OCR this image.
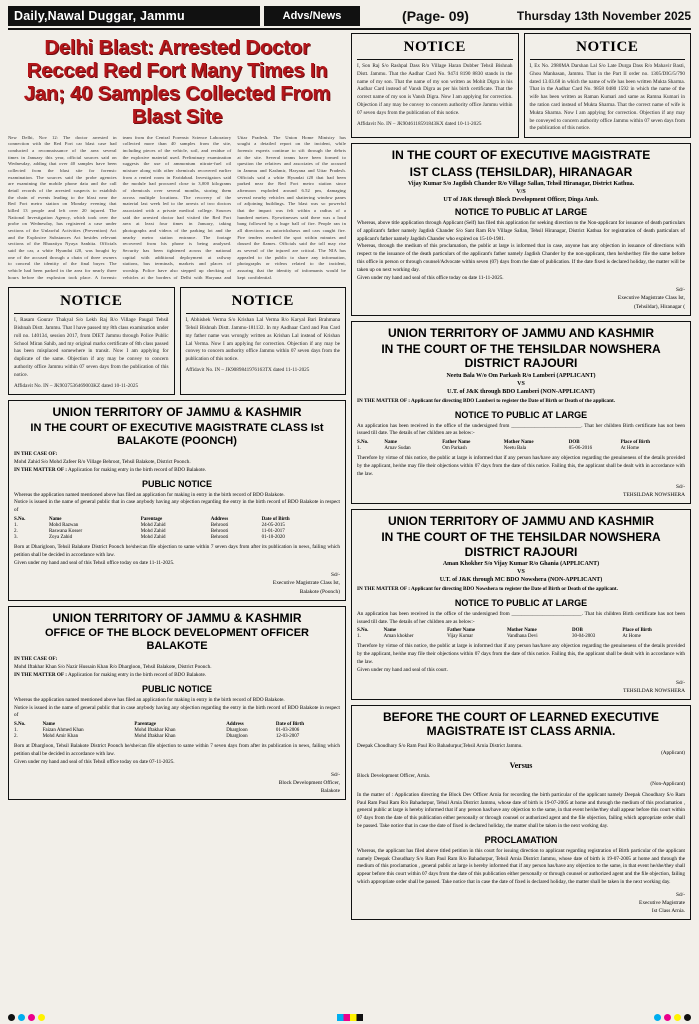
Daily,Nawal Duggar, Jammu	Advs/News	(Page- 09)	Thursday 13th November 2025
Delhi Blast: Arrested Doctor Recced Red Fort Many Times In Jan; 40 Samples Collected From Blast Site
New Delhi, Nov 12: The doctor arrested in connection with the Red Fort car blast case had conducted a reconnaissance of the area several times in January this year, official sources said on Wednesday, adding that over 40 samples have been collected from the blast site for forensic examination. The sources said the probe agencies are examining the mobile phone data and the call detail records of the arrested suspects to establish the chain of events leading to the blast near the Red Fort metro station on Monday evening that killed 13 people and left over 20 injured. The National Investigation Agency, which took over the probe on Wednesday, has registered a case under sections of the Unlawful Activities (Prevention) Act and the Explosive Substances Act besides relevant sections of the Bharatiya Nyaya Sanhita. Officials said the car, a white Hyundai i20, was bought by one of the accused through a chain of three owners to conceal the identity of the final buyer. The vehicle had been parked in the area for nearly three hours before the explosion took place. A forensic team from the Central Forensic Science Laboratory collected more than 40 samples from the site, including pieces of the vehicle, soil, and residue of the explosive material used. Preliminary examination suggests the use of ammonium nitrate-fuel oil mixture along with other chemicals recovered earlier from a rented room in Faridabad. Investigators said the module had procured close to 3,000 kilograms of chemicals over several months, storing them across multiple locations. The recovery of the material last week led to the arrests of two doctors associated with a private medical college. Sources said the arrested doctor had visited the Red Fort area at least four times in January, taking photographs and videos of the parking lot and the nearby metro station entrance. The footage recovered from his phone is being analysed. Security has been tightened across the national capital with additional deployment at railway stations, bus terminals, markets and places of worship. Police have also stepped up checking of vehicles at the borders of Delhi with Haryana and Uttar Pradesh. The Union Home Ministry has sought a detailed report on the incident, while forensic experts continue to sift through the debris at the site. Several teams have been formed to question the relatives and associates of the accused in Jammu and Kashmir, Haryana and Uttar Pradesh. Officials said a white Hyundai i20 that had been parked near the Red Fort metro station since afternoon exploded around 6.52 pm, damaging several nearby vehicles and shattering window panes of adjoining buildings. The blast was so powerful that the impact was felt within a radius of a hundred metres. Eyewitnesses said there was a loud bang followed by a huge ball of fire. People ran in all directions as autorickshaws and cars caught fire. Fire tenders reached the spot within minutes and doused the flames. Officials said the toll may rise as several of the injured are critical. The NIA has appealed to the public to share any information, photographs or videos related to the incident, assuring that the identity of informants would be kept confidential.
NOTICE
I, Rasam Gourav Thakyal S/o Lekh Raj R/o Village Paugal Tehsil Bishnah Distt. Jammu. That I have passed my 8th class examination under roll no. 140134, session 2017, from DIET Jammu through Police Public School Miran Sahib, and my original marks certificate of 8th class passed has been misplaced somewhere in transit. Now I am applying for duplicate of the same. Objection if any may be convey to concern authority office Jammu within 07 seven days from the publication of this notice.
Affidavit No. IN – JK9037536469003KZ dated 10-11-2025
NOTICE
I, Abhishek Verma S/o Krishan Lal Verma R/o Karyal Bari Brahmana Tehsil Bishnah Distt. Jammu-181132. In my Aadhaar Card and Pan Card my father name was wrongly written as Krishan Lal instead of Krishan Lal Verma. Now I am applying for correction. Objection if any may be convey to concern authority office Jammu within 07 seven days from the publication of this notice.
Affidavit No. IN – JK9089841976163TX dated 11-11-2025
UNION TERRITORY OF JAMMU & KASHMIR
IN THE COURT OF EXECUTIVE MAGISTRATE CLASS Ist BALAKOTE (POONCH)
IN THE CASE OF:
Mohd Zahid S/o Mohd Zafeer R/o Village Behroot, Tehsil Balakote, District Poonch.
IN THE MATTER OF : Application for making entry in the birth record of BDO Balakote.
PUBLIC NOTICE
Whereas the application named mentioned above has filed an application for making in entry in the birth record of BDO Balakote.
Notice is issued in the name of general public that in case anybody having any objection regarding the entry in the birth record of BDO Balakote in respect of
S.No.	Name	Parentage	Address	Date of Birth
1.	Mohd Razwan	Mohd Zahid	Behrooti	24-05-2015
2.	Raswana Kosser	Mohd Zahid	Behrooti	11-01-2017
3.	Zoya Zahid	Mohd Zahid	Behrooti	01-10-2020
Born at Dharigloon, Tehsil Balakote District Poonch he/she/can file objection to same within 7 seven days from after its publication in news, failing which petition shall be decided in accordance with law.
Given under my hand and seal of this Tehsil office today on date 11-11-2025.
Sd/-
Executive Magistrate Class Ist,
Balakote (Poonch)
UNION TERRITORY OF JAMMU & KASHMIR
OFFICE OF THE BLOCK DEVELOPMENT OFFICER BALAKOTE
IN THE CASE OF:
Mohd Iftakhar Khan S/o Nazir Hussain Khan R/o Dhargloon, Tehsil Balakote, District Poonch.
IN THE MATTER OF : Application for making entry in the birth record of BDO Balakote.
PUBLIC NOTICE
Whereas the application named mentioned above has filed an application for making in entry in the birth record of BDO Balakote.
Notice is issued in the name of general public that in case anybody having any objection regarding the entry in the birth record of BDO Balakote in respect of
S.No.	Name	Parentage	Address	Date of Birth
1.	Faizan Ahmed Khan	Mohd Iftakhar Khan	Dhargloon	01-03-2006
2.	Mohd Amir Khan	Mohd Iftakhar Khan	Dhargloon	12-03-2007
Born at Dhargloon, Tehsil Balakote District Poonch he/she/can file objection to same within 7 seven days from after its publication in news, failing which petition shall be decided in accordance with law.
Given under my hand and seal of this Tehsil office today on date 07-11-2025.
Sd/-
Block Development Officer,
Balakote
NOTICE
I, Son Raj S/o Rashpal Dass R/o Village Haran Dubber Tehsil Bishnah Distt. Jammu. That the Aadhar Card No. 9474 8190 8830 stands in the name of my son. That the name of my son written as Mohit Digra in his Aadhar Card instead of Vansh Digra as per his birth certificate. That the correct name of my son is Vansh Digra. Now I am applying for correction. Objection if any may be convey to concern authority office Jammu within 07 seven days from the publication of this notice.
Affidavit No. IN – JK9046118591843KX dated 10-11-2025
NOTICE
I, Ex No. 2980MA Darshan Lal S/o Late Durga Dass R/o Mahavir Basti, Ghou Manhasan, Jammu. That in the Part II order no. 1305/DIG/5/790 dated 13.03.68 in which the name of wife has been written Mukta Sharma. That in the Aadhar Card No. 9858 0480 1592 in which the name of the wife has been written as Raman Kumari and same as Ramna Kumari in the ration card instead of Mukta Sharma. That the correct name of wife is Mukta Sharma. Now I am applying for correction. Objection if any may be conveyed to concern authority office Jammu within 07 seven days from the publication of this notice.
IN THE COURT OF EXECUTIVE MAGISTRATE
IST CLASS (TEHSILDAR), HIRANAGAR
Vijay Kumar S/o Jagdish Chander R/o Village Sallan, Tehsil Hiranagar, District Kathua.
V/S
UT of J&K through Block Development Officer, Dinga Amb.
NOTICE TO PUBLIC AT LARGE
Whereas, above title application through Applicant (Self) has filed this application for seeking direction to the Non-applicant for issuance of death particulars of applicant's father namely Jagdish Chander S/o Sant Ram R/o Village Sallan, Tehsil Hiranagar, District Kathua for registration of death particulars of applicant's father namely Jagdish Chander who expired on 15-10-1981.
Whereas, through the medium of this proclamation, the public at large is informed that in case, anyone has any objection in issuance of directions with respect to the issuance of the death particulars of the applicant's father namely Jagdish Chander by the non-applicant, then he/she/they file the same before this office in person or through counsel/Advocate within seven (07) days from the date of publication. If the date fixed is declared holiday, the matter will be taken up on next working day.
Given under my hand and seal of this office today on date 11-11-2025.
Sd/-
Executive Magistrate Class Ist,
(Tehsildar), Hiranagar (
UNION TERRITORY OF JAMMU AND KASHMIR
IN THE COURT OF THE TEHSILDAR NOWSHERA DISTRICT RAJOURI
Neetu Bala W/o Om Parkash R/o Lamberi (APPLICANT)
VS
U.T. of J&K through BDO Lamberi (NON-APPLICANT)
IN THE MATTER OF : Applicant for directing BDO Lamberi to register the Date of Birth or Death of the applicant.
NOTICE TO PUBLIC AT LARGE
An application has been received in the office of the undersigned from ___________________________. That her children Birth certificate has not been issued till date. The details of her children are as below:-
S.No.	Name	Father Name	Mother Name	DOB	Place of Birth
1.	Arnav Sudan	Om Parkash	Neetu Bala	05-06-2016	At Home
Therefore by virtue of this notice, the public at large is informed that if any person has/have any objection regarding the genuineness of the details provided by the applicant, he/she may file their objections within 07 days from the date of this notice. Failing this, the applicant shall be dealt with in accordance with the law.
Sd/-
TEHSILDAR NOWSHERA
UNION TERRITORY OF JAMMU AND KASHMIR
IN THE COURT OF THE TEHSILDAR NOWSHERA DISTRICT RAJOURI
Aman Khokher S/o Vijay Kumar R/o Ghania (APPLICANT)
VS
U.T. of J&K through MC BDO Nowshera (NON-APPLICANT)
IN THE MATTER OF : Applicant for directing BDO Nowshera to register the Date of Birth or Death of the applicant.
NOTICE TO PUBLIC AT LARGE
An application has been received in the office of the undersigned from ___________________________. That his children Birth certificate has not been issued till date. The details of her children are as below:-
S.No.	Name	Father Name	Mother Name	DOB	Place of Birth
1.	Aman khokher	Vijay Kumar	Vandhana Devi	30-04-2003	At Home
Therefore by virtue of this notice, the public at large is informed that if any person has/have any objection regarding the genuineness of the details provided by the applicant, he/she may file their objections within 07 days from the date of this notice. Failing this, the applicant shall be dealt with in accordance with the law.
Given under my hand and seal of this court.
Sd/-
TEHSILDAR NOWSHERA
BEFORE THE COURT OF LEARNED EXECUTIVE MAGISTRATE IST CLASS ARNIA.
Deepak Choudhary S/o Ram Paul R/o Bahadurpur,Tehsil Arnia District Jammu.
(Applicant)
Versus
Block Development Officer, Arnia.
(Non-Applicant)
In the matter of : Application directing the Block Dev Officer Arnia for recording the birth particular of the applicant namely Deepak Choudhary S/o Ram Paul Ram Paul Ram R/o Bahadurpur, Tehsil Arnia District Jammu, whose date of birth is 19-07-2005 at home and through the medium of this proclamation , general public at large is hereby informed that if any person has/have any objection to the same, in that event he/she/they shall appear before this court within 07 days from the date of this publication either personally or through counsel or authorized agent and the file objection, failing which appropriate order shall be passed. Take notice that in case the date of fixed is declared holiday, the matter shall be taken in the next working day.
PROCLAMATION
Whereas, the applicant has filed above titled petition in this court for issuing direction to applicant regarding registration of Birth particular of the applicant namely Deepak Choudhary S/o Ram Paul Ram R/o Bahadurpur, Tehsil Arnia District Jammu, whose date of birth is 19-07-2005 at home and through the medium of this proclamation , general public at large is hereby informed that if any person has/have any objection to the same, in that event he/she/they shall appear before this court within 07 days from the date of this publication either personally or through counsel or authorized agent and the file objection, failing which appropriate order shall be passed. Take notice that in case the date of fixed is declared holiday, the matter shall be taken in the next working day.
Sd/-
Executive Magistrate
Ist Class Arnia.
